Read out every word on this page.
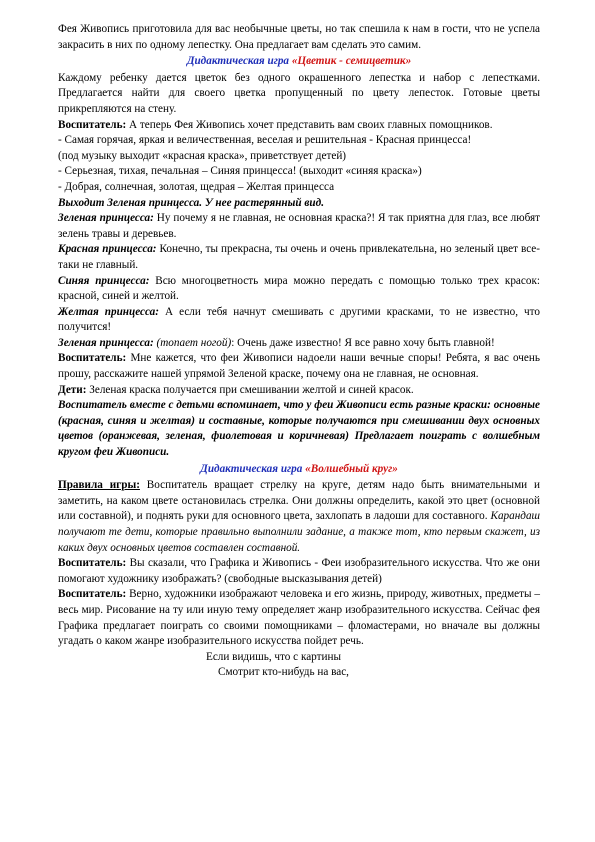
Фея Живопись приготовила для вас необычные цветы, но так спешила к нам в гости, что не успела закрасить в них по одному лепестку. Она предлагает вам сделать это самим.

Дидактическая игра «Цветик - семицветик»

Каждому ребенку дается цветок без одного окрашенного лепестка и набор с лепестками. Предлагается найти для своего цветка пропущенный по цвету лепесток. Готовые цветы прикрепляются на стену.

Воспитатель: А теперь Фея Живопись хочет представить вам своих главных помощников.

- Самая горячая, яркая и величественная, веселая и решительная - Красная принцесса!

(под музыку выходит «красная краска», приветствует детей)

- Серьезная, тихая, печальная – Синяя принцесса! (выходит «синяя краска»)

- Добрая, солнечная, золотая, щедрая – Желтая принцесса

Выходит Зеленая принцесса. У нее растерянный вид.

Зеленая принцесса: Ну почему я не главная, не основная краска?! Я так приятна для глаз, все любят зелень травы и деревьев.

Красная принцесса: Конечно, ты прекрасна, ты очень и очень привлекательна, но зеленый цвет все-таки не главный.

Синяя принцесса: Всю многоцветность мира можно передать с помощью только трех красок: красной, синей и желтой.

Желтая принцесса: А если тебя начнут смешивать с другими красками, то не известно, что получится!

Зеленая принцесса: (топает ногой): Очень даже известно! Я все равно хочу быть главной!

Воспитатель: Мне кажется, что феи Живописи надоели наши вечные споры! Ребята, я вас очень прошу, расскажите нашей упрямой Зеленой краске, почему она не главная, не основная.

Дети: Зеленая краска получается при смешивании желтой и синей красок.

Воспитатель вместе с детьми вспоминает, что у феи Живописи есть разные краски: основные (красная, синяя и желтая) и составные, которые получаются при смешивании двух основных цветов (оранжевая, зеленая, фиолетовая и коричневая) Предлагает поиграть с волшебным кругом феи Живописи.

Дидактическая игра «Волшебный круг»

Правила игры: Воспитатель вращает стрелку на круге, детям надо быть внимательными и заметить, на каком цвете остановилась стрелка. Они должны определить, какой это цвет (основной или составной), и поднять руки для основного цвета, захлопать в ладоши для составного. Карандаш получают те дети, которые правильно выполнили задание, а также тот, кто первым скажет, из каких двух основных цветов составлен составной.

Воспитатель: Вы сказали, что Графика и Живопись - Феи изобразительного искусства. Что же они помогают художнику изображать? (свободные высказывания детей)

Воспитатель: Верно, художники изображают человека и его жизнь, природу, животных, предметы – весь мир. Рисование на ту или иную тему определяет жанр изобразительного искусства. Сейчас фея Графика предлагает поиграть со своими помощниками – фломастерами, но вначале вы должны угадать о каком жанре изобразительного искусства пойдет речь.

Если видишь, что с картины

Смотрит кто-нибудь на вас,
